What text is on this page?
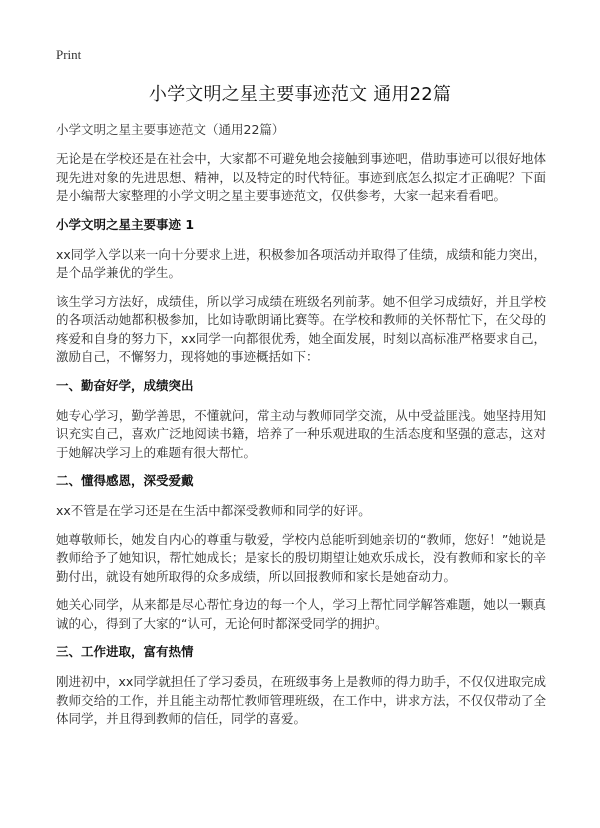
Print
小学文明之星主要事迹范文 通用22篇
小学文明之星主要事迹范文（通用22篇）

无论是在学校还是在社会中，大家都不可避免地会接触到事迹吧，借助事迹可以很好地体现先进对象的先进思想、精神，以及特定的时代特征。事迹到底怎么拟定才正确呢？下面是小编帮大家整理的小学文明之星主要事迹范文，仅供参考，大家一起来看看吧。

小学文明之星主要事迹 1

xx同学入学以来一向十分要求上进，积极参加各项活动并取得了佳绩，成绩和能力突出，是个品学兼优的学生。

该生学习方法好，成绩佳，所以学习成绩在班级名列前茅。她不但学习成绩好，并且学校的各项活动她都积极参加，比如诗歌朗诵比赛等。在学校和教师的关怀帮忙下，在父母的疼爱和自身的努力下，xx同学一向都很优秀，她全面发展，时刻以高标准严格要求自己，激励自己，不懈努力，现将她的事迹概括如下：

一、勤奋好学，成绩突出

她专心学习，勤学善思，不懂就问，常主动与教师同学交流，从中受益匪浅。她坚持用知识充实自己，喜欢广泛地阅读书籍，培养了一种乐观进取的生活态度和坚强的意志，这对于她解决学习上的难题有很大帮忙。

二、懂得感恩，深受爱戴

xx不管是在学习还是在生活中都深受教师和同学的好评。

她尊敬师长，她发自内心的尊重与敬爱，学校内总能听到她亲切的“教师，您好！”她说是教师给予了她知识，帮忙她成长；是家长的殷切期望让她欢乐成长，没有教师和家长的辛勤付出，就设有她所取得的众多成绩，所以回报教师和家长是她奋动力。

她关心同学，从来都是尽心帮忙身边的每一个人，学习上帮忙同学解答难题，她以一颗真诚的心，得到了大家的“认可，无论何时都深受同学的拥护。

三、工作进取，富有热情

刚进初中，xx同学就担任了学习委员，在班级事务上是教师的得力助手，不仅仅进取完成教师交给的工作，并且能主动帮忙教师管理班级，在工作中，讲求方法，不仅仅带动了全体同学，并且得到教师的信任，同学的喜爱。
